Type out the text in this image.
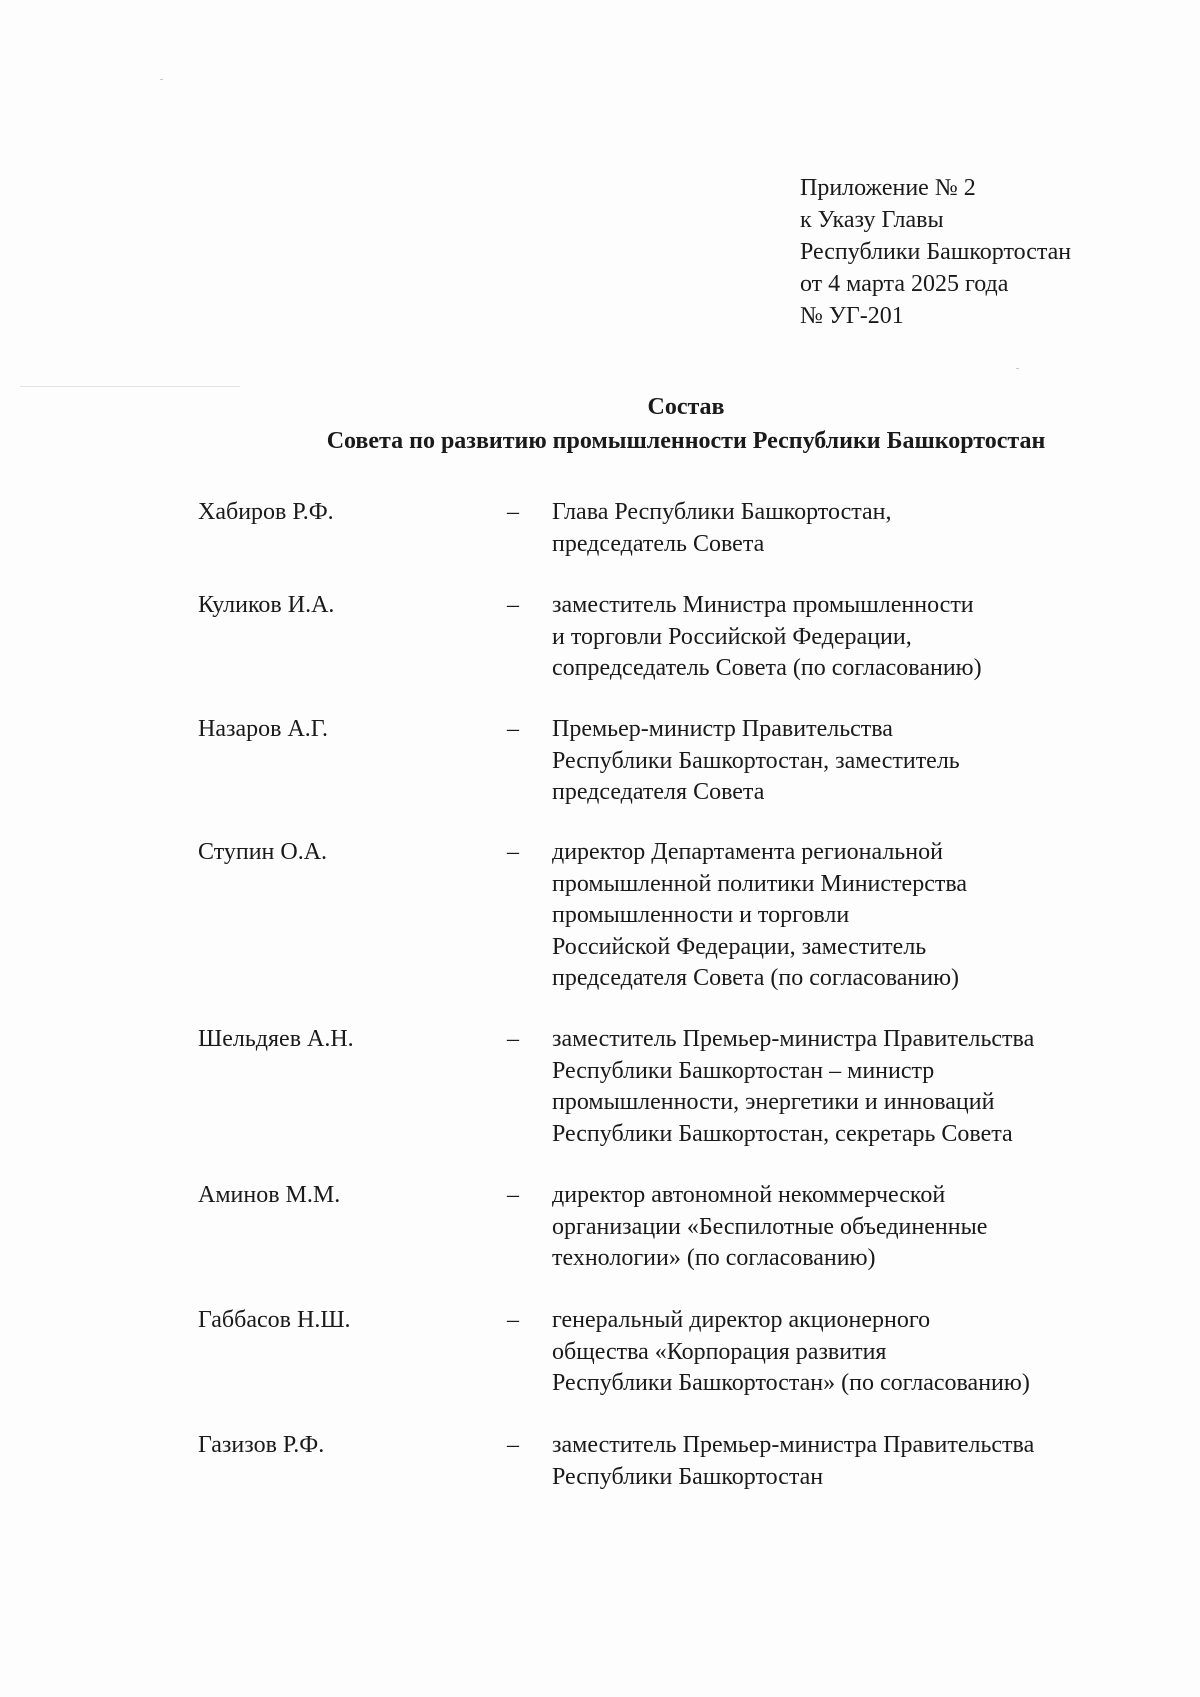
Приложение № 2
к Указу Главы
Республики Башкортостан
от 4 марта 2025 года
№ УГ-201
Состав
Совета по развитию промышленности Республики Башкортостан
Хабиров Р.Ф.	– Глава Республики Башкортостан,
председатель Совета
Куликов И.А.	– заместитель Министра промышленности
и торговли Российской Федерации,
сопредседатель Совета (по согласованию)
Назаров А.Г.	– Премьер-министр Правительства
Республики Башкортостан, заместитель
председателя Совета
Ступин О.А.	– директор Департамента региональной
промышленной политики Министерства
промышленности и торговли
Российской Федерации, заместитель
председателя Совета (по согласованию)
Шельдяев А.Н.	– заместитель Премьер-министра Правительства
Республики Башкортостан – министр
промышленности, энергетики и инноваций
Республики Башкортостан, секретарь Совета
Аминов М.М.	– директор автономной некоммерческой
организации «Беспилотные объединенные
технологии» (по согласованию)
Габбасов Н.Ш.	– генеральный директор акционерного
общества «Корпорация развития
Республики Башкортостан» (по согласованию)
Газизов Р.Ф.	– заместитель Премьер-министра Правительства
Республики Башкортостан
